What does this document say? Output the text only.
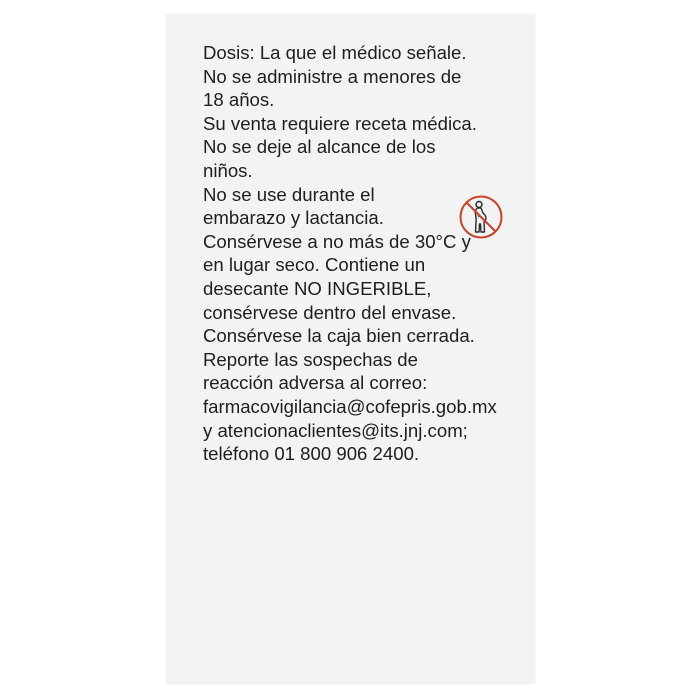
Dosis: La que el médico señale.
No se administre a menores de
18 años.
Su venta requiere receta médica.
No se deje al alcance de los
niños.
No se use durante el
embarazo y lactancia.
Consérvese a no más de 30°C y
en lugar seco. Contiene un
desecante NO INGERIBLE,
consérvese dentro del envase.
Consérvese la caja bien cerrada.
Reporte las sospechas de
reacción adversa al correo:
farmacovigilancia@cofepris.gob.mx
y atencionaclientes@its.jnj.com;
teléfono 01 800 906 2400.
